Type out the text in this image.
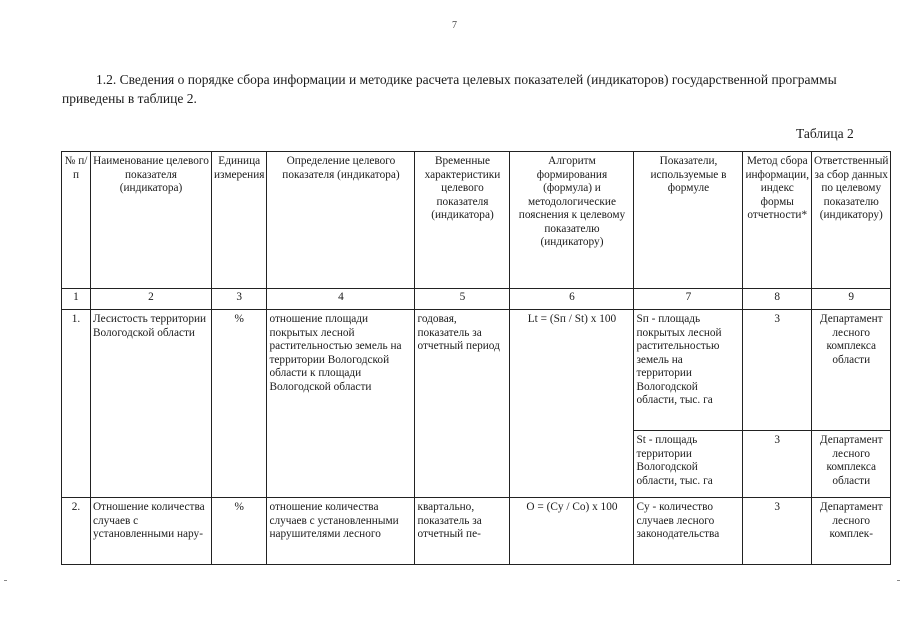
7
1.2. Сведения о порядке сбора информации и методике расчета целевых показателей (индикаторов) государственной программы приведены в таблице 2.
Таблица 2
№ п/п	Наименование целевого показателя (индикатора)	Единица измерения	Определение целевого показателя (индикатора)	Временные характеристики целевого показателя (индикатора)	Алгоритм формирования (формула) и методологические пояснения к целевому показателю (индикатору)	Показатели, используемые в формуле	Метод сбора информации, индекс формы отчетности*	Ответственный за сбор данных по целевому показателю (индикатору)
1	2	3	4	5	6	7	8	9
1.	Лесистость территории Вологодской области	%	отношение площади покрытых лесной растительностью земель на территории Вологодской области к площади Вологодской области	годовая, показатель за отчетный период	Lt = (Sп / St) x 100	Sп - площадь покрытых лесной растительностью земель на территории Вологодской области, тыс. га	3	Департамент лесного комплекса области
						St - площадь территории Вологодской области, тыс. га	3	Департамент лесного комплекса области

2.	Отношение количества случаев с установленными нару-	%	отношение количества случаев с установленными нарушителями лесного	квартально, показатель за отчетный пе-	O = (Cу / Co) x 100	Cу - количество случаев лесного законодательства	3	Департамент лесного комплек-
